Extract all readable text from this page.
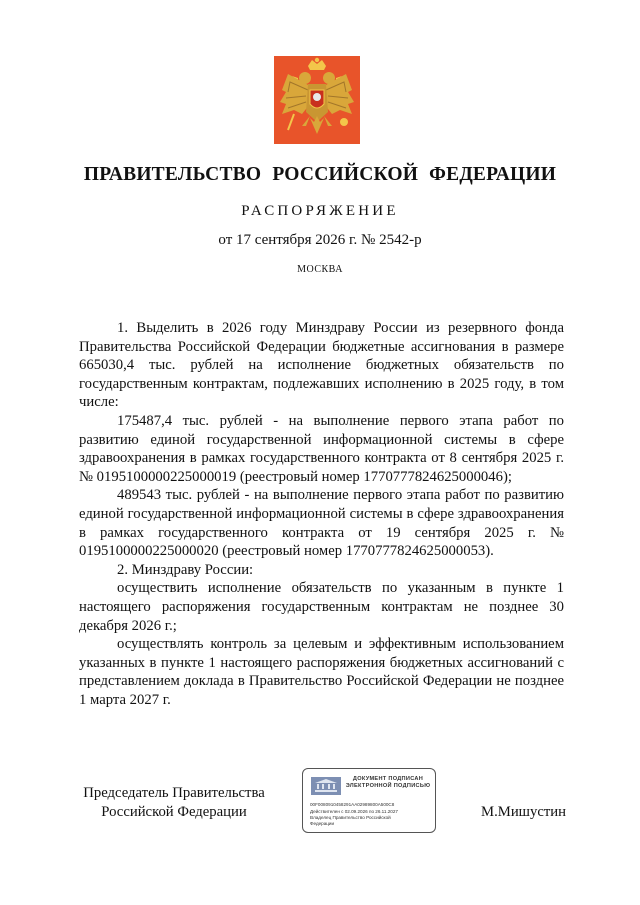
ПРАВИТЕЛЬСТВО РОССИЙСКОЙ ФЕДЕРАЦИИ
РАСПОРЯЖЕНИЕ
от 17 сентября 2026 г. № 2542-р
МОСКВА

1. Выделить в 2026 году Минздраву России из резервного фонда Правительства Российской Федерации бюджетные ассигнования в размере 665030,4 тыс. рублей на исполнение бюджетных обязательств по государственным контрактам, подлежавших исполнению в 2025 году, в том числе:

175487,4 тыс. рублей - на выполнение первого этапа работ по развитию единой государственной информационной системы в сфере здравоохранения в рамках государственного контракта от 8 сентября 2025 г. № 0195100000225000019 (реестровый номер 1770777824625000046);

489543 тыс. рублей - на выполнение первого этапа работ по развитию единой государственной информационной системы в сфере здравоохранения в рамках государственного контракта от 19 сентября 2025 г. № 0195100000225000020 (реестровый номер 1770777824625000053).

2. Минздраву России:

осуществить исполнение обязательств по указанным в пункте 1 настоящего распоряжения государственным контрактам не позднее 30 декабря 2026 г.;

осуществлять контроль за целевым и эффективным использованием указанных в пункте 1 настоящего распоряжения бюджетных ассигнований с представлением доклада в Правительство Российской Федерации не позднее 1 марта 2027 г.

Председатель Правительства
Российской Федерации
ДОКУМЕНТ ПОДПИСАН
ЭЛЕКТРОННОЙ ПОДПИСЬЮ
00F0080910458291AA02989800A500C8
Действителен с 02.09.2026 по 26.11.2027
Владелец Правительство Российской
Федерации
М.Мишустин
